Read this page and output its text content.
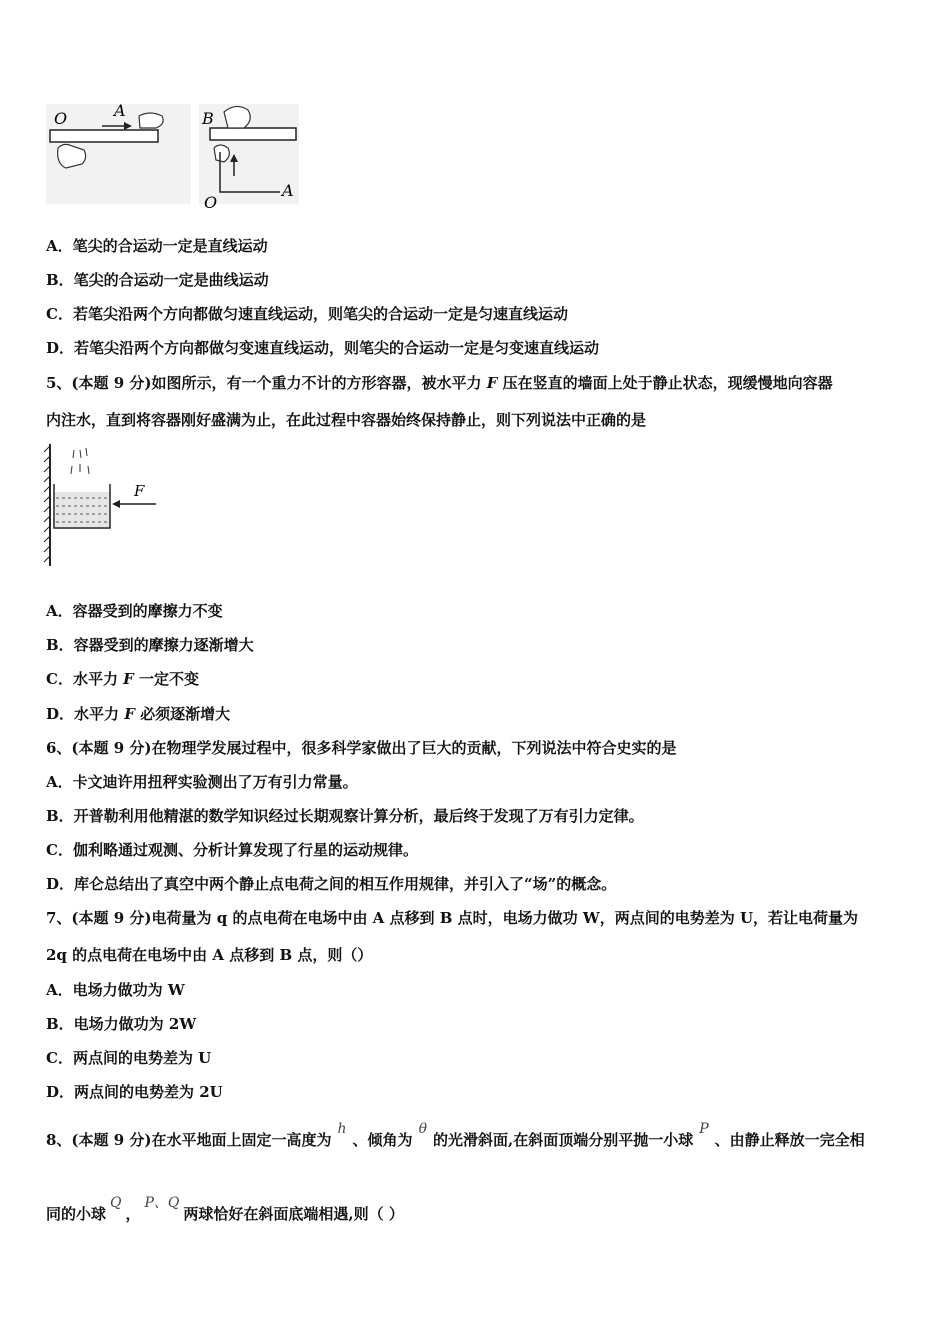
O	A	B
O
A
A．笔尖的合运动一定是直线运动
B．笔尖的合运动一定是曲线运动
C．若笔尖沿两个方向都做匀速直线运动，则笔尖的合运动一定是匀速直线运动
D．若笔尖沿两个方向都做匀变速直线运动，则笔尖的合运动一定是匀变速直线运动
5、(本题 9 分)如图所示，有一个重力不计的方形容器，被水平力 F 压在竖直的墙面上处于静止状态，现缓慢地向容器
内注水，直到将容器刚好盛满为止，在此过程中容器始终保持静止，则下列说法中正确的是
F
A．容器受到的摩擦力不变
B．容器受到的摩擦力逐渐增大
C．水平力 F 一定不变
D．水平力 F 必须逐渐增大
6、(本题 9 分)在物理学发展过程中，很多科学家做出了巨大的贡献，下列说法中符合史实的是
A．卡文迪许用扭秤实验测出了万有引力常量。
B．开普勒利用他精湛的数学知识经过长期观察计算分析，最后终于发现了万有引力定律。
C．伽利略通过观测、分析计算发现了行星的运动规律。
D．库仑总结出了真空中两个静止点电荷之间的相互作用规律，并引入了“场”的概念。
7、(本题 9 分)电荷量为 q 的点电荷在电场中由 A 点移到 B 点时，电场力做功 W，两点间的电势差为 U，若让电荷量为
2q 的点电荷在电场中由 A 点移到 B 点，则（）
A．电场力做功为 W
B．电场力做功为 2W
C．两点间的电势差为 U
D．两点间的电势差为 2U
8、(本题 9 分)在水平地面上固定一高度为h、倾角为θ的光滑斜面,在斜面顶端分别平抛一小球P、由静止释放一完全相
同的小球Q，P、Q两球恰好在斜面底端相遇,则（ ）
